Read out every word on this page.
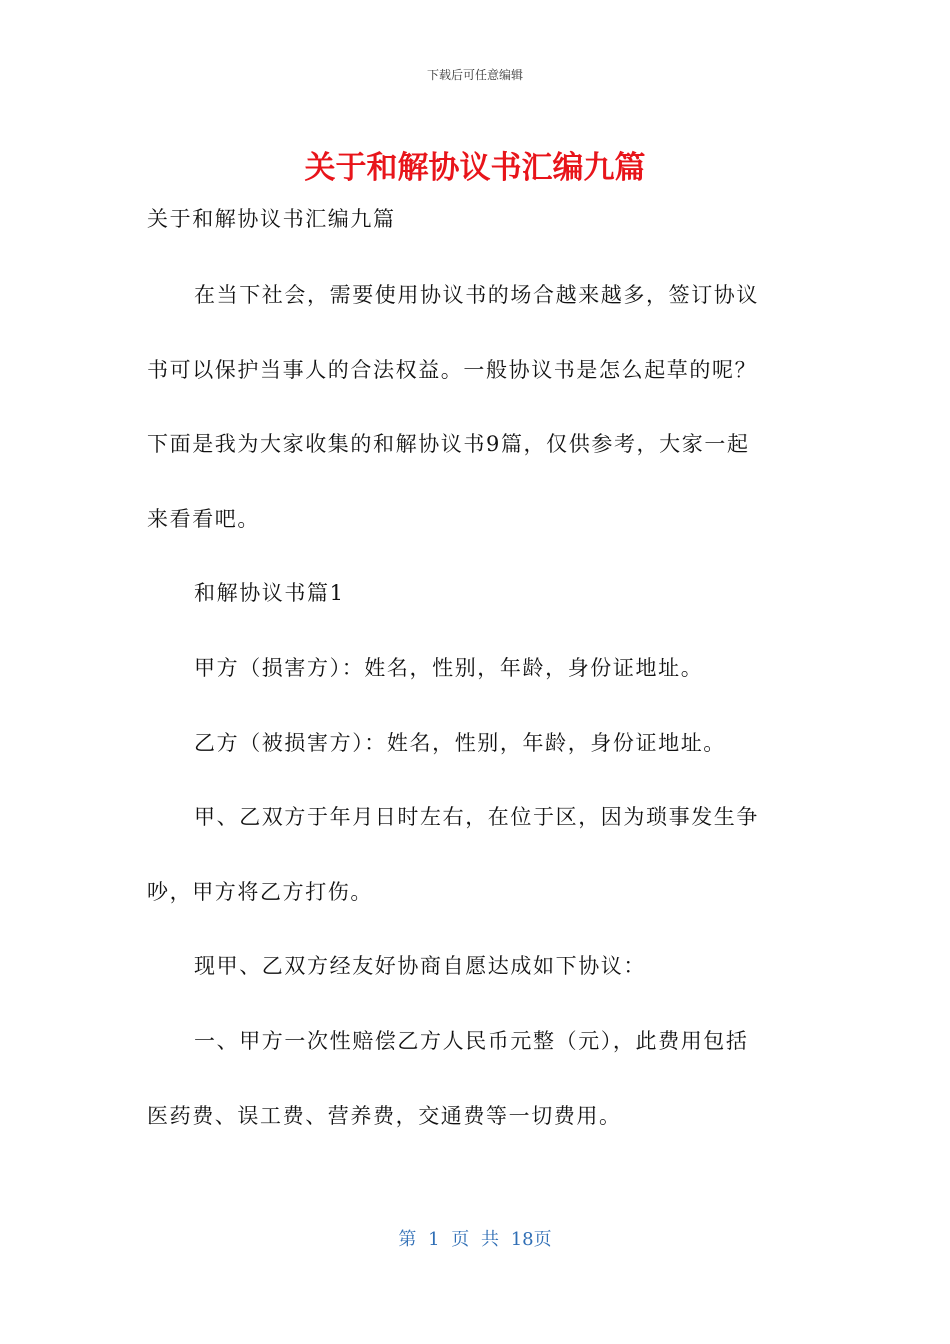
下载后可任意编辑
关于和解协议书汇编九篇
关于和解协议书汇编九篇
在当下社会，需要使用协议书的场合越来越多，签订协议
书可以保护当事人的合法权益。一般协议书是怎么起草的呢？
下面是我为大家收集的和解协议书9篇，仅供参考，大家一起
来看看吧。
和解协议书篇1
甲方（损害方）：姓名，性别，年龄，身份证地址。
乙方（被损害方）：姓名，性别，年龄，身份证地址。
甲、乙双方于年月日时左右，在位于区，因为琐事发生争
吵，甲方将乙方打伤。
现甲、乙双方经友好协商自愿达成如下协议：
一、甲方一次性赔偿乙方人民币元整（元），此费用包括
医药费、误工费、营养费，交通费等一切费用。
第 1 页 共 18页
